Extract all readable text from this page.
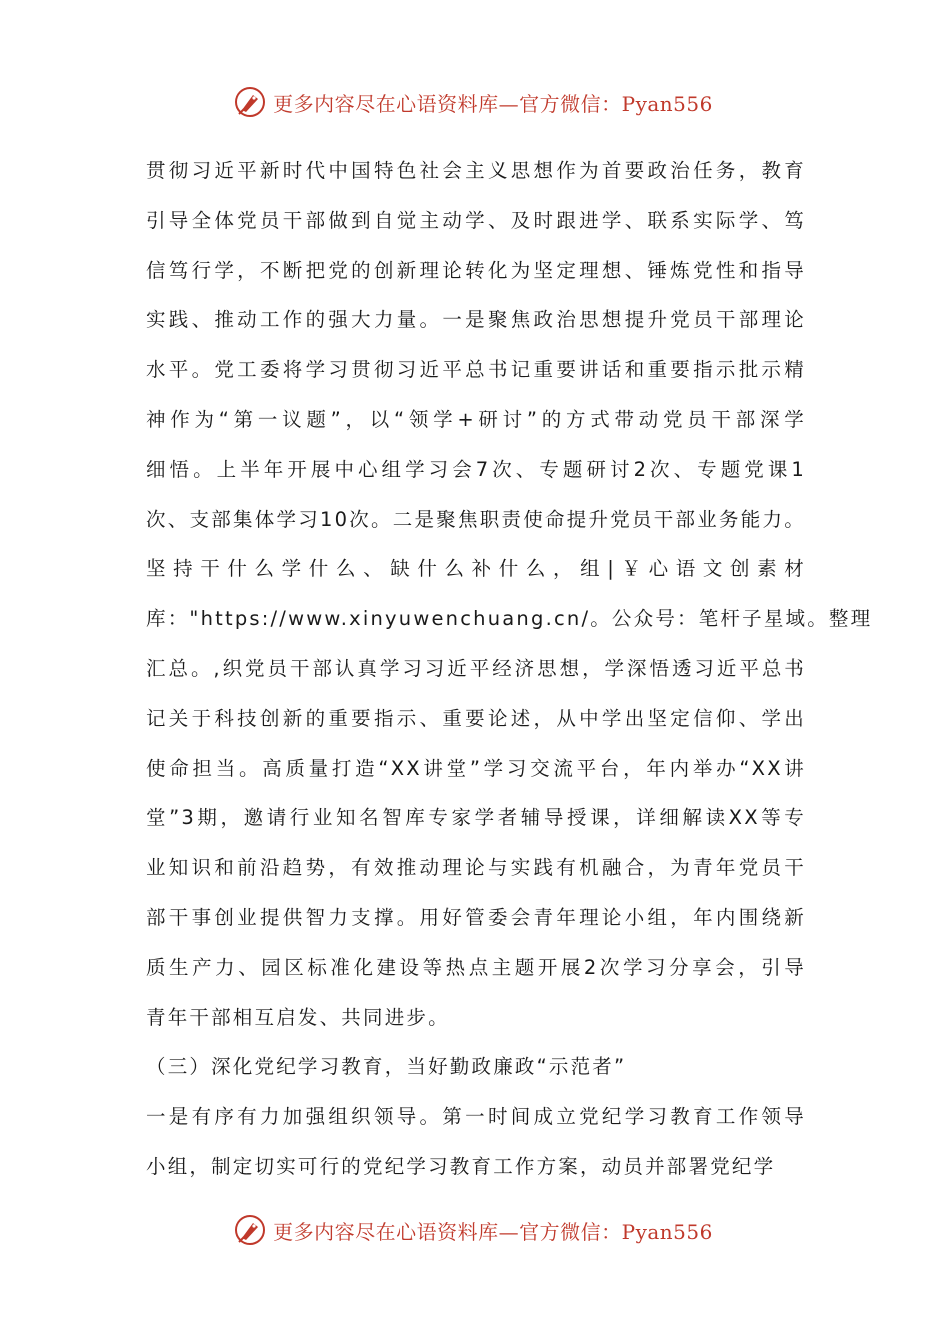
更多内容尽在心语资料库—官方微信：Pyan556
贯彻习近平新时代中国特色社会主义思想作为首要政治任务，教育
引导全体党员干部做到自觉主动学、及时跟进学、联系实际学、笃
信笃行学，不断把党的创新理论转化为坚定理想、锤炼党性和指导
实践、推动工作的强大力量。一是聚焦政治思想提升党员干部理论
水平。党工委将学习贯彻习近平总书记重要讲话和重要指示批示精
神作为“第一议题”，以“领学+研讨”的方式带动党员干部深学
细悟。上半年开展中心组学习会7次、专题研讨2次、专题党课1
次、支部集体学习10次。二是聚焦职责使命提升党员干部业务能力。
坚持干什么学什么、缺什么补什么，组|￥心语文创素材
库："https://www.xinyuwenchuang.cn/。公众号：笔杆子星域。整理
汇总。,织党员干部认真学习习近平经济思想，学深悟透习近平总书
记关于科技创新的重要指示、重要论述，从中学出坚定信仰、学出
使命担当。高质量打造“XX讲堂”学习交流平台，年内举办“XX讲
堂”3期，邀请行业知名智库专家学者辅导授课，详细解读XX等专
业知识和前沿趋势，有效推动理论与实践有机融合，为青年党员干
部干事创业提供智力支撑。用好管委会青年理论小组，年内围绕新
质生产力、园区标准化建设等热点主题开展2次学习分享会，引导
青年干部相互启发、共同进步。
（三）深化党纪学习教育，当好勤政廉政“示范者”
一是有序有力加强组织领导。第一时间成立党纪学习教育工作领导
小组，制定切实可行的党纪学习教育工作方案，动员并部署党纪学
更多内容尽在心语资料库—官方微信：Pyan556
